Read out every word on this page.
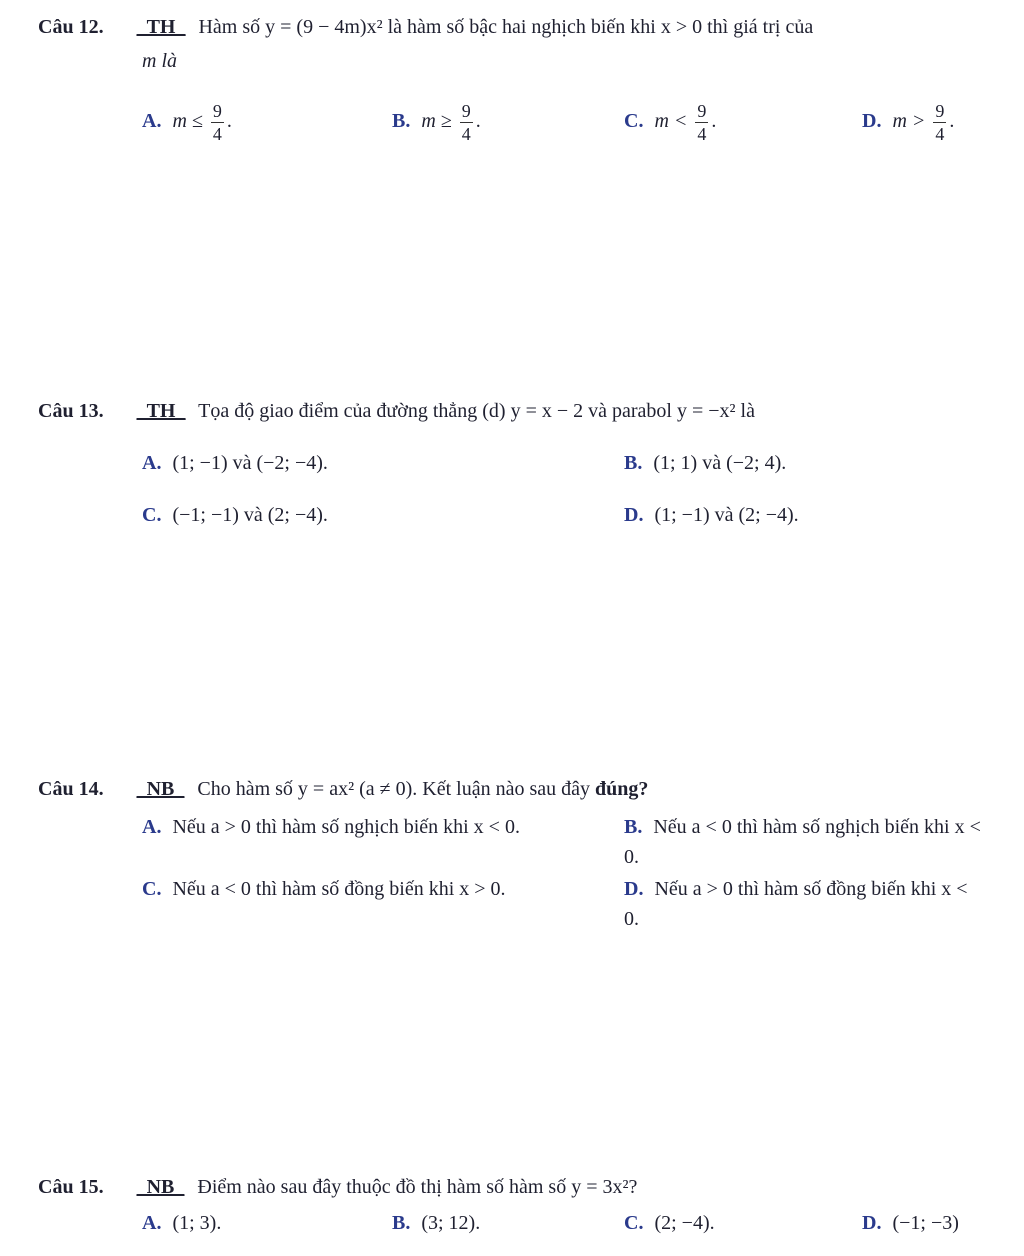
Câu 12. _TH_ Hàm số y = (9 − 4m)x² là hàm số bậc hai nghịch biến khi x > 0 thì giá trị của
m là
A. $m \le \frac{9}{4}$ .	B. $m \ge \frac{9}{4}$ .	C. $m < \frac{9}{4}$ .	D. $m > \frac{9}{4}$ .
Câu 13. _TH_ Tọa độ giao điểm của đường thẳng (d) y = x − 2 và parabol y = −x² là
A. (1; −1) và (−2; −4).	B. (1; 1) và (−2; 4).
C. (−1; −1) và (2; −4).	D. (1; −1) và (2; −4).
Câu 14. _NB_ Cho hàm số y = ax² (a ≠ 0). Kết luận nào sau đây đúng?
A. Nếu a > 0 thì hàm số nghịch biến khi x < 0.	B. Nếu a < 0 thì hàm số nghịch biến khi x < 0.
C. Nếu a < 0 thì hàm số đồng biến khi x > 0.	D. Nếu a > 0 thì hàm số đồng biến khi x < 0.
Câu 15. _NB_ Điểm nào sau đây thuộc đồ thị hàm số hàm số y = 3x²?
A. (1; 3).	B. (3; 12).	C. (2; −4).	D. (−1; −3)
